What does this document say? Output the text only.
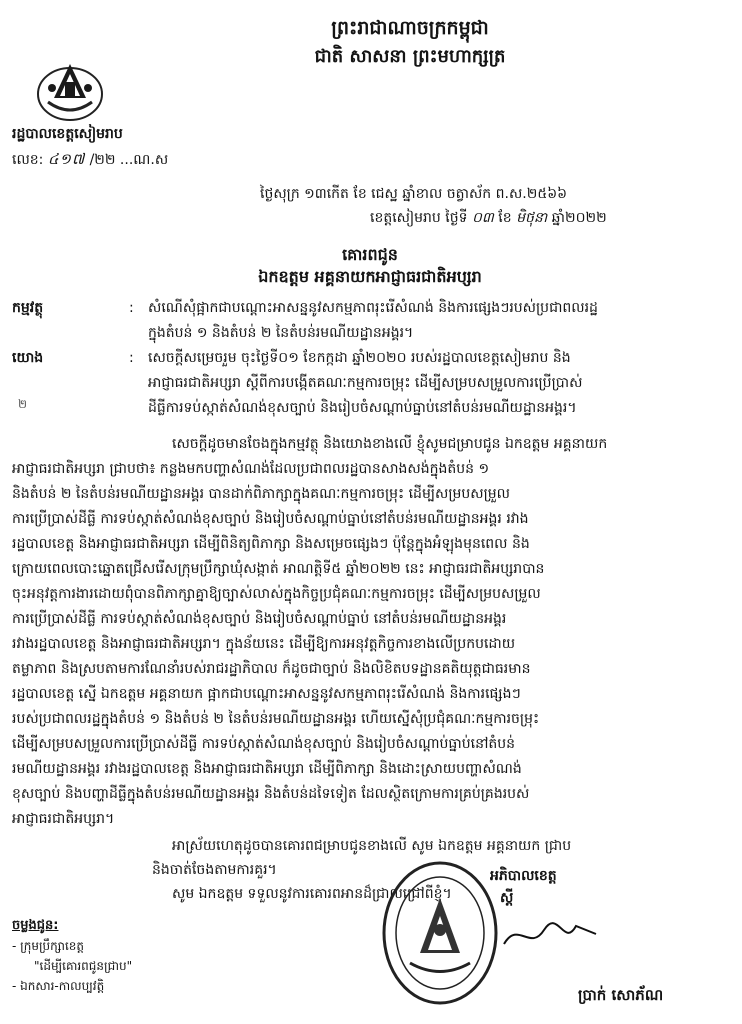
ព្រះរាជាណាចក្រកម្ពុជា
ជាតិ សាសនា ព្រះមហាក្សត្រ
រដ្ឋបាលខេត្តសៀមរាប
លេខ: ៤១៧ /២២ ...ណ.ស
ថ្ងៃសុក្រ ១៣កើត ខែ ជេស្ឋ ឆ្នាំខាល ចត្វាស័ក ព.ស.២៥៦៦
ខេត្តសៀមរាប ថ្ងៃទី ០៣ ខែ មិថុនា ឆ្នាំ២០២២
គោរពជូន
ឯកឧត្តម អគ្គនាយកអាជ្ញាធរជាតិអប្សរា
កម្មវត្ថុ	: សំណើសុំផ្អាកជាបណ្តោះអាសន្ននូវសកម្មភាពរុះរើសំណង់ និងការផ្សេងៗរបស់ប្រជាពលរដ្ឋ

ក្នុងតំបន់ ១ និងតំបន់ ២ នៃតំបន់រមណីយដ្ឋានអង្គរ។

យោង	: សេចក្តីសម្រេចរួម ចុះថ្ងៃទី០១ ខែកក្កដា ឆ្នាំ២០២០ របស់រដ្ឋបាលខេត្តសៀមរាប និង

អាជ្ញាធរជាតិអប្សរា ស្តីពីការបង្កើតគណៈកម្មការចម្រុះ ដើម្បីសម្របសម្រួលការប្រើប្រាស់

ដីធ្លីការទប់ស្កាត់សំណង់ខុសច្បាប់ និងរៀបចំសណ្តាប់ធ្នាប់នៅតំបន់រមណីយដ្ឋានអង្គរ។

២

សេចក្តីដូចមានចែងក្នុងកម្មវត្ថុ និងយោងខាងលើ ខ្ញុំសូមជម្រាបជូន ឯកឧត្តម អគ្គនាយក

អាជ្ញាធរជាតិអប្សរា ជ្រាបថា៖ កន្លងមកបញ្ហាសំណង់ដែលប្រជាពលរដ្ឋបានសាងសង់ក្នុងតំបន់ ១

និងតំបន់ ២ នៃតំបន់រមណីយដ្ឋានអង្គរ បានដាក់ពិភាក្សាក្នុងគណៈកម្មការចម្រុះ ដើម្បីសម្របសម្រួល

ការប្រើប្រាស់ដីធ្លី ការទប់ស្កាត់សំណង់ខុសច្បាប់ និងរៀបចំសណ្តាប់ធ្នាប់នៅតំបន់រមណីយដ្ឋានអង្គរ រវាង

រដ្ឋបាលខេត្ត និងអាជ្ញាធរជាតិអប្សរា ដើម្បីពិនិត្យពិភាក្សា និងសម្រេចផ្សេងៗ ប៉ុន្តែក្នុងអំឡុងមុនពេល និង

ក្រោយពេលបោះឆ្នោតជ្រើសរើសក្រុមប្រឹក្សាឃុំសង្កាត់ អាណត្តិទី៥ ឆ្នាំ២០២២ នេះ អាជ្ញាធរជាតិអប្សរាបាន

ចុះអនុវត្តការងារដោយពុំបានពិភាក្សាគ្នាឱ្យច្បាស់លាស់ក្នុងកិច្ចប្រជុំគណៈកម្មការចម្រុះ ដើម្បីសម្របសម្រួល

ការប្រើប្រាស់ដីធ្លី ការទប់ស្កាត់សំណង់ខុសច្បាប់ និងរៀបចំសណ្តាប់ធ្នាប់ នៅតំបន់រមណីយដ្ឋានអង្គរ

រវាងរដ្ឋបាលខេត្ត និងអាជ្ញាធរជាតិអប្សរា។ ក្នុងន័យនេះ ដើម្បីឱ្យការអនុវត្តកិច្ចការខាងលើប្រកបដោយ

តម្លាភាព និងស្របតាមការណែនាំរបស់រាជរដ្ឋាភិបាល ក៏ដូចជាច្បាប់ និងលិខិតបទដ្ឋានគតិយុត្តជាធរមាន

រដ្ឋបាលខេត្ត ស្នើ ឯកឧត្តម អគ្គនាយក ផ្អាកជាបណ្តោះអាសន្ននូវសកម្មភាពរុះរើសំណង់ និងការផ្សេងៗ

របស់ប្រជាពលរដ្ឋក្នុងតំបន់ ១ និងតំបន់ ២ នៃតំបន់រមណីយដ្ឋានអង្គរ ហើយស្នើសុំប្រជុំគណៈកម្មការចម្រុះ

ដើម្បីសម្របសម្រួលការប្រើប្រាស់ដីធ្លី ការទប់ស្កាត់សំណង់ខុសច្បាប់ និងរៀបចំសណ្តាប់ធ្នាប់នៅតំបន់

រមណីយដ្ឋានអង្គរ រវាងរដ្ឋបាលខេត្ត និងអាជ្ញាធរជាតិអប្សរា ដើម្បីពិភាក្សា និងដោះស្រាយបញ្ហាសំណង់

ខុសច្បាប់ និងបញ្ហាដីធ្លីក្នុងតំបន់រមណីយដ្ឋានអង្គរ និងតំបន់ដទៃទៀត ដែលស្ថិតក្រោមការគ្រប់គ្រងរបស់

អាជ្ញាធរជាតិអប្សរា។

អាស្រ័យហេតុដូចបានគោរពជម្រាបជូនខាងលើ សូម ឯកឧត្តម អគ្គនាយក ជ្រាប

និងចាត់ចែងតាមការគួរ។

សូម ឯកឧត្តម ទទួលនូវការគោរពអានដ៏ជ្រាលជ្រៅពីខ្ញុំ។

អភិបាលខេត្ត
ស្តី
ប្រាក់ សោភ័ណ
ចម្លងជូន:
- ក្រុមប្រឹក្សាខេត្ត
"ដើម្បីគោរពជូនជ្រាប"
- ឯកសារ-កាលប្បវត្តិ
